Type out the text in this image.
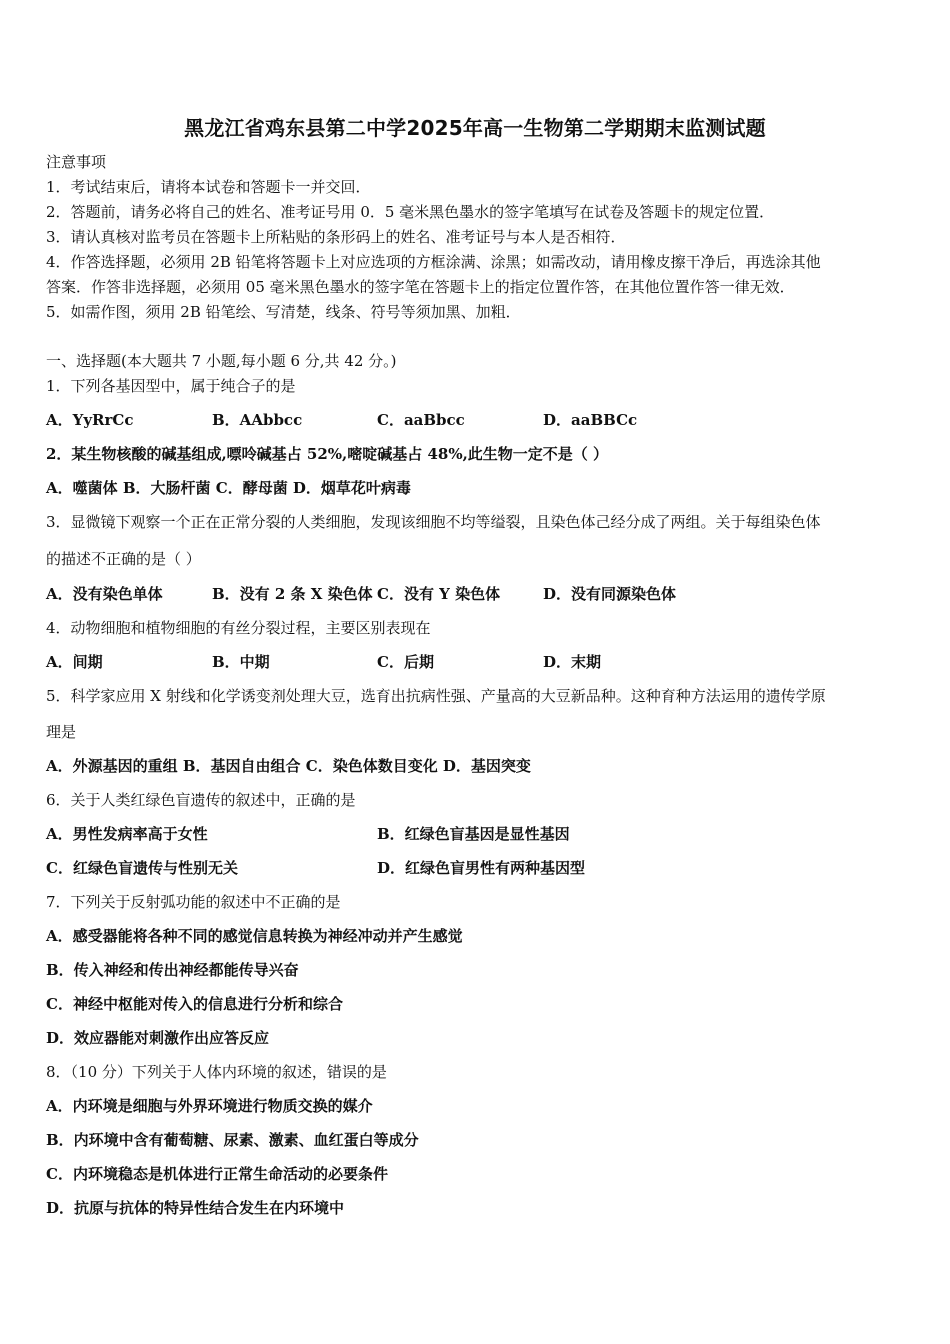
黑龙江省鸡东县第二中学2025年高一生物第二学期期末监测试题
注意事项
1．考试结束后，请将本试卷和答题卡一并交回．
2．答题前，请务必将自己的姓名、准考证号用 0．5 毫米黑色墨水的签字笔填写在试卷及答题卡的规定位置．
3．请认真核对监考员在答题卡上所粘贴的条形码上的姓名、准考证号与本人是否相符．
4．作答选择题，必须用 2B 铅笔将答题卡上对应选项的方框涂满、涂黑；如需改动，请用橡皮擦干净后，再选涂其他
答案．作答非选择题，必须用 05 毫米黑色墨水的签字笔在答题卡上的指定位置作答，在其他位置作答一律无效．
5．如需作图，须用 2B 铅笔绘、写清楚，线条、符号等须加黑、加粗．
一、选择题(本大题共 7 小题,每小题 6 分,共 42 分。)
1．下列各基因型中，属于纯合子的是
A．YyRrCc	B．AAbbcc	C．aaBbcc	D．aaBBCc
2．某生物核酸的碱基组成,嘌呤碱基占 52%,嘧啶碱基占 48%,此生物一定不是（ ）
A．噬菌体 B．大肠杆菌 C．酵母菌 D．烟草花叶病毒
3．显微镜下观察一个正在正常分裂的人类细胞，发现该细胞不均等缢裂，且染色体己经分成了两组。关于每组染色体
的描述不正确的是（ ）
A．没有染色单体	B．没有 2 条 X 染色体 C．没有 Y 染色体	D．没有同源染色体
4．动物细胞和植物细胞的有丝分裂过程，主要区别表现在
A．间期	B．中期	C．后期	D．末期
5．科学家应用 X 射线和化学诱变剂处理大豆，选育出抗病性强、产量高的大豆新品种。这种育种方法运用的遗传学原
理是
A．外源基因的重组 B．基因自由组合 C．染色体数目变化 D．基因突变
6．关于人类红绿色盲遗传的叙述中，正确的是
A．男性发病率高于女性	B．红绿色盲基因是显性基因
C．红绿色盲遗传与性别无关	D．红绿色盲男性有两种基因型
7．下列关于反射弧功能的叙述中不正确的是
A．感受器能将各种不同的感觉信息转换为神经冲动并产生感觉
B．传入神经和传出神经都能传导兴奋
C．神经中枢能对传入的信息进行分析和综合
D．效应器能对刺激作出应答反应
8．（10 分）下列关于人体内环境的叙述，错误的是
A．内环境是细胞与外界环境进行物质交换的媒介
B．内环境中含有葡萄糖、尿素、激素、血红蛋白等成分
C．内环境稳态是机体进行正常生命活动的必要条件
D．抗原与抗体的特异性结合发生在内环境中
